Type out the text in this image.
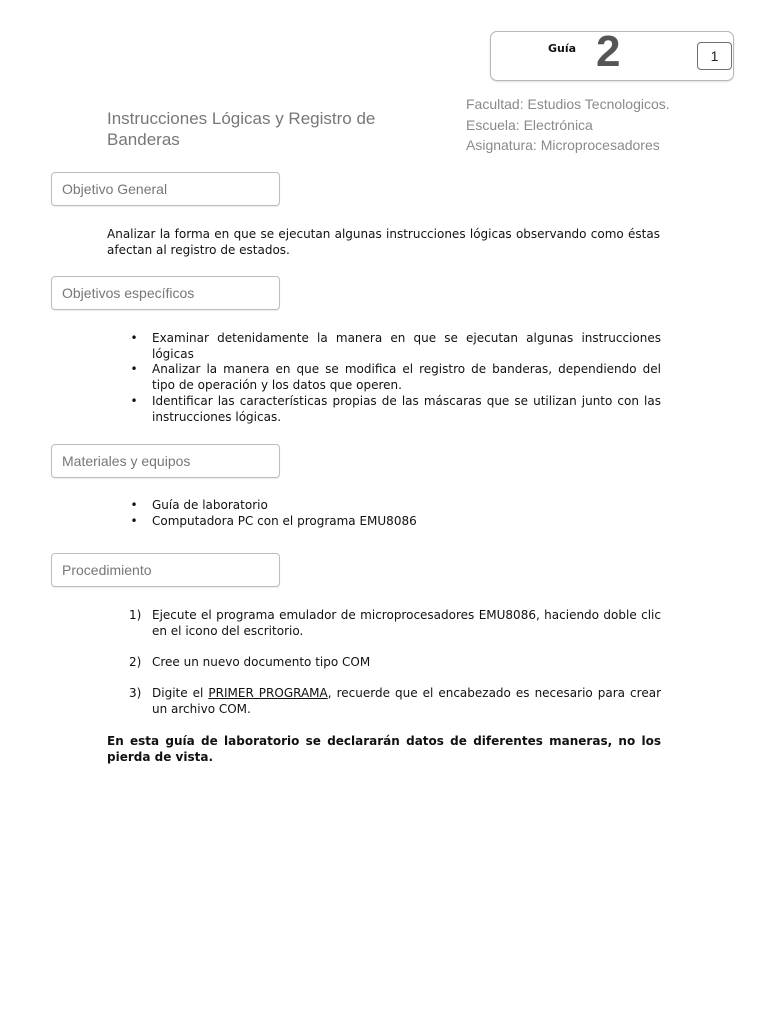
Guía 2	1
Instrucciones Lógicas y Registro de Banderas
Facultad: Estudios Tecnologicos.
Escuela: Electrónica
Asignatura: Microprocesadores
Objetivo General
Analizar la forma en que se ejecutan algunas instrucciones lógicas observando como éstas afectan al registro de estados.
Objetivos específicos
• Examinar detenidamente la manera en que se ejecutan algunas instrucciones lógicas
• Analizar la manera en que se modifica el registro de banderas, dependiendo del tipo de operación y los datos que operen.
• Identificar las características propias de las máscaras que se utilizan junto con las instrucciones lógicas.
Materiales y equipos
• Guía de laboratorio
• Computadora PC con el programa EMU8086
Procedimiento
1) Ejecute el programa emulador de microprocesadores EMU8086, haciendo doble clic en el icono del escritorio.
2) Cree un nuevo documento tipo COM
3) Digite el PRIMER PROGRAMA, recuerde que el encabezado es necesario para crear un archivo COM.
En esta guía de laboratorio se declararán datos de diferentes maneras, no los pierda de vista.
